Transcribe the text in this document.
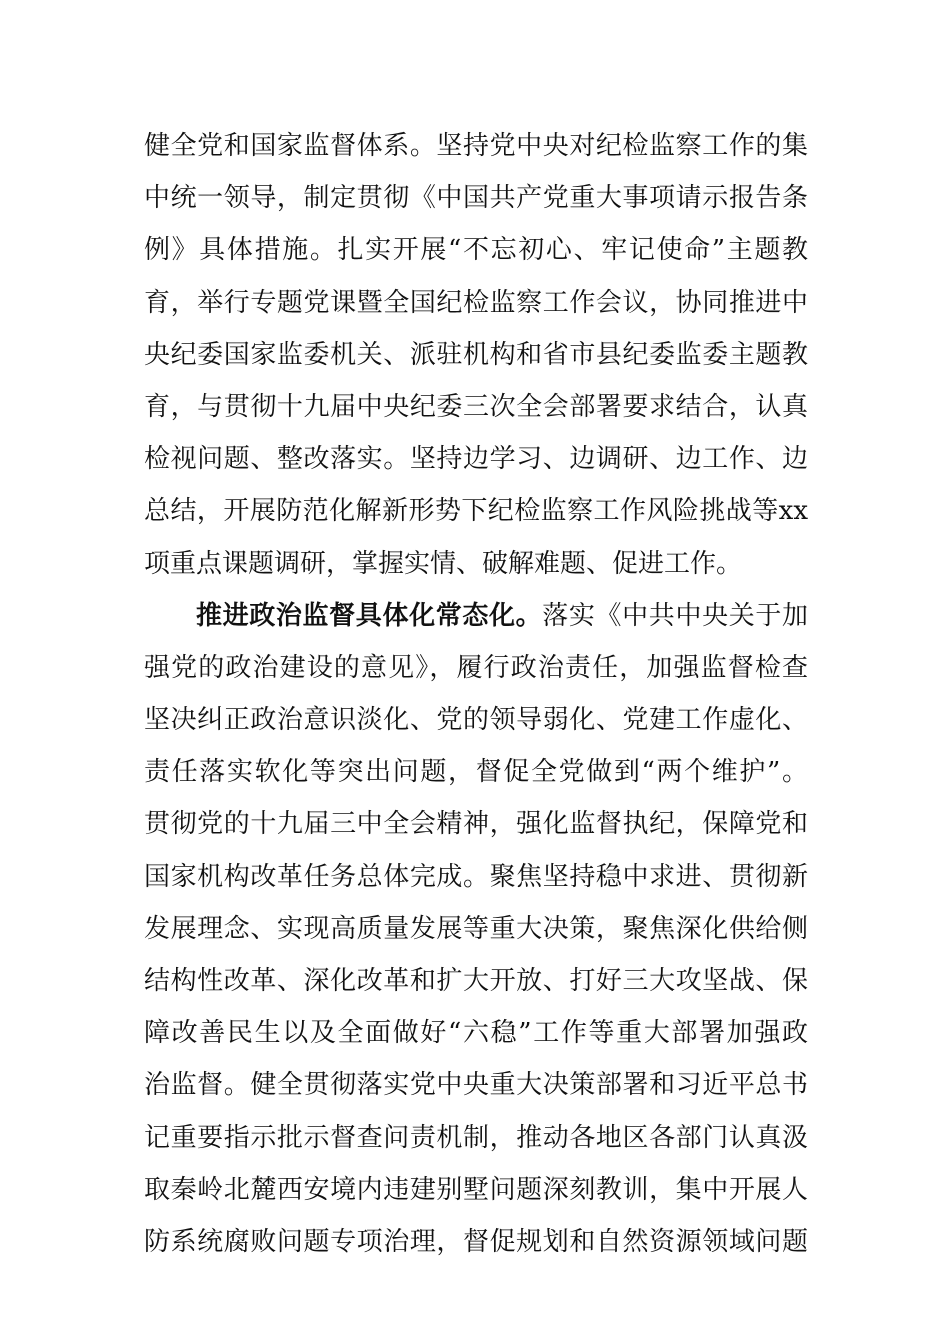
健全党和国家监督体系。坚持党中央对纪检监察工作的集
中统一领导，制定贯彻《中国共产党重大事项请示报告条
例》具体措施。扎实开展“不忘初心、牢记使命”主题教
育，举行专题党课暨全国纪检监察工作会议，协同推进中
央纪委国家监委机关、派驻机构和省市县纪委监委主题教
育，与贯彻十九届中央纪委三次全会部署要求结合，认真
检视问题、整改落实。坚持边学习、边调研、边工作、边
总结，开展防范化解新形势下纪检监察工作风险挑战等xx
项重点课题调研，掌握实情、破解难题、促进工作。
推进政治监督具体化常态化。落实《中共中央关于加
强党的政治建设的意见》，履行政治责任，加强监督检查
坚决纠正政治意识淡化、党的领导弱化、党建工作虚化、
责任落实软化等突出问题，督促全党做到“两个维护”。
贯彻党的十九届三中全会精神，强化监督执纪，保障党和
国家机构改革任务总体完成。聚焦坚持稳中求进、贯彻新
发展理念、实现高质量发展等重大决策，聚焦深化供给侧
结构性改革、深化改革和扩大开放、打好三大攻坚战、保
障改善民生以及全面做好“六稳”工作等重大部署加强政
治监督。健全贯彻落实党中央重大决策部署和习近平总书
记重要指示批示督查问责机制，推动各地区各部门认真汲
取秦岭北麓西安境内违建别墅问题深刻教训，集中开展人
防系统腐败问题专项治理，督促规划和自然资源领域问题
